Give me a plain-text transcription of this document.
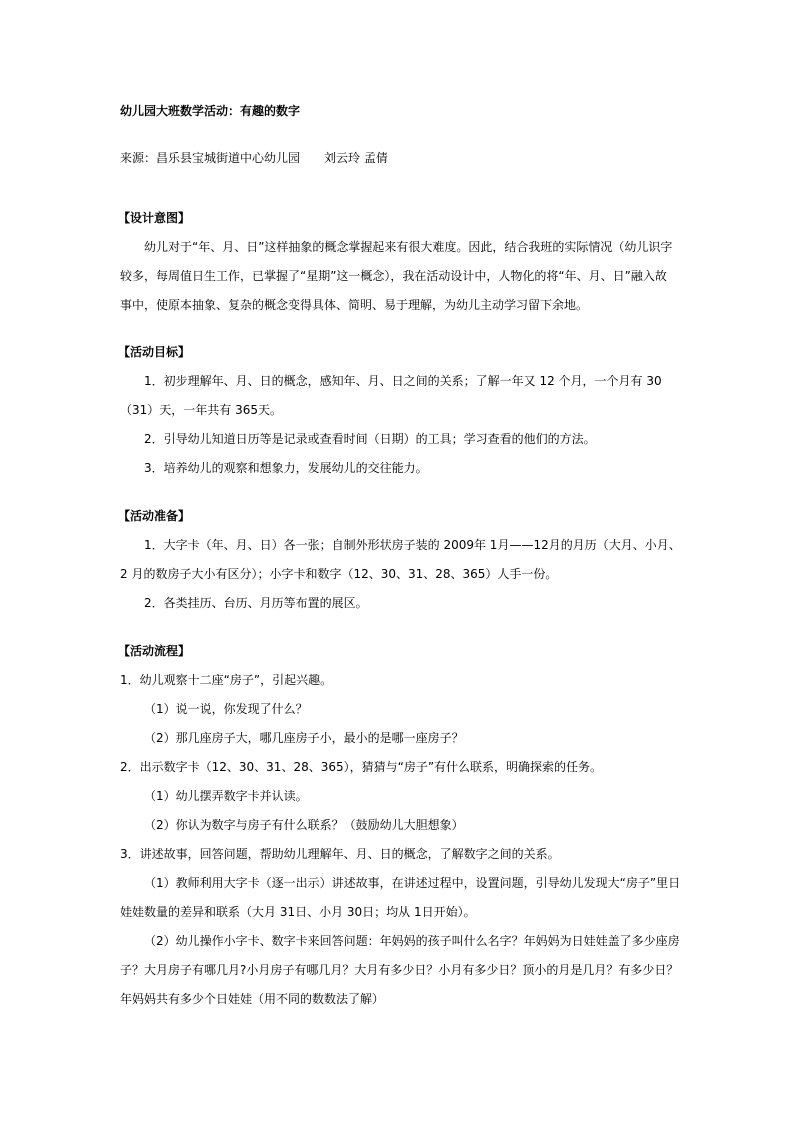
幼儿园大班数学活动：有趣的数字
来源：昌乐县宝城街道中心幼儿园　　刘云玲 孟倩
【设计意图】
幼儿对于“年、月、日”这样抽象的概念掌握起来有很大难度。因此，结合我班的实际情况（幼儿识字
较多，每周值日生工作，已掌握了“星期”这一概念），我在活动设计中，人物化的将“年、月、日”融入故
事中，使原本抽象、复杂的概念变得具体、简明、易于理解，为幼儿主动学习留下余地。
【活动目标】
1．初步理解年、月、日的概念，感知年、月、日之间的关系；了解一年又 12 个月，一个月有 30
（31）天，一年共有 365天。
2．引导幼儿知道日历等是记录或查看时间（日期）的工具；学习查看的他们的方法。
3．培养幼儿的观察和想象力，发展幼儿的交往能力。
【活动准备】
1．大字卡（年、月、日）各一张；自制外形状房子装的 2009年 1月——12月的月历（大月、小月、
2 月的数房子大小有区分）；小字卡和数字（12、30、31、28、365）人手一份。
2．各类挂历、台历、月历等布置的展区。
【活动流程】
1．幼儿观察十二座“房子”，引起兴趣。
（1）说一说，你发现了什么？
（2）那几座房子大，哪几座房子小，最小的是哪一座房子？
2．出示数字卡（12、30、31、28、365），猜猜与“房子”有什么联系，明确探索的任务。
（1）幼儿摆弄数字卡并认读。
（2）你认为数字与房子有什么联系？（鼓励幼儿大胆想象）
3．讲述故事，回答问题，帮助幼儿理解年、月、日的概念，了解数字之间的关系。
（1）教师利用大字卡（逐一出示）讲述故事，在讲述过程中，设置问题，引导幼儿发现大“房子”里日
娃娃数量的差异和联系（大月 31日、小月 30日；均从 1日开始）。
（2）幼儿操作小字卡、数字卡来回答问题：年妈妈的孩子叫什么名字？年妈妈为日娃娃盖了多少座房
子？大月房子有哪几月?小月房子有哪几月？大月有多少日？小月有多少日？顶小的月是几月？有多少日？
年妈妈共有多少个日娃娃（用不同的数数法了解）
